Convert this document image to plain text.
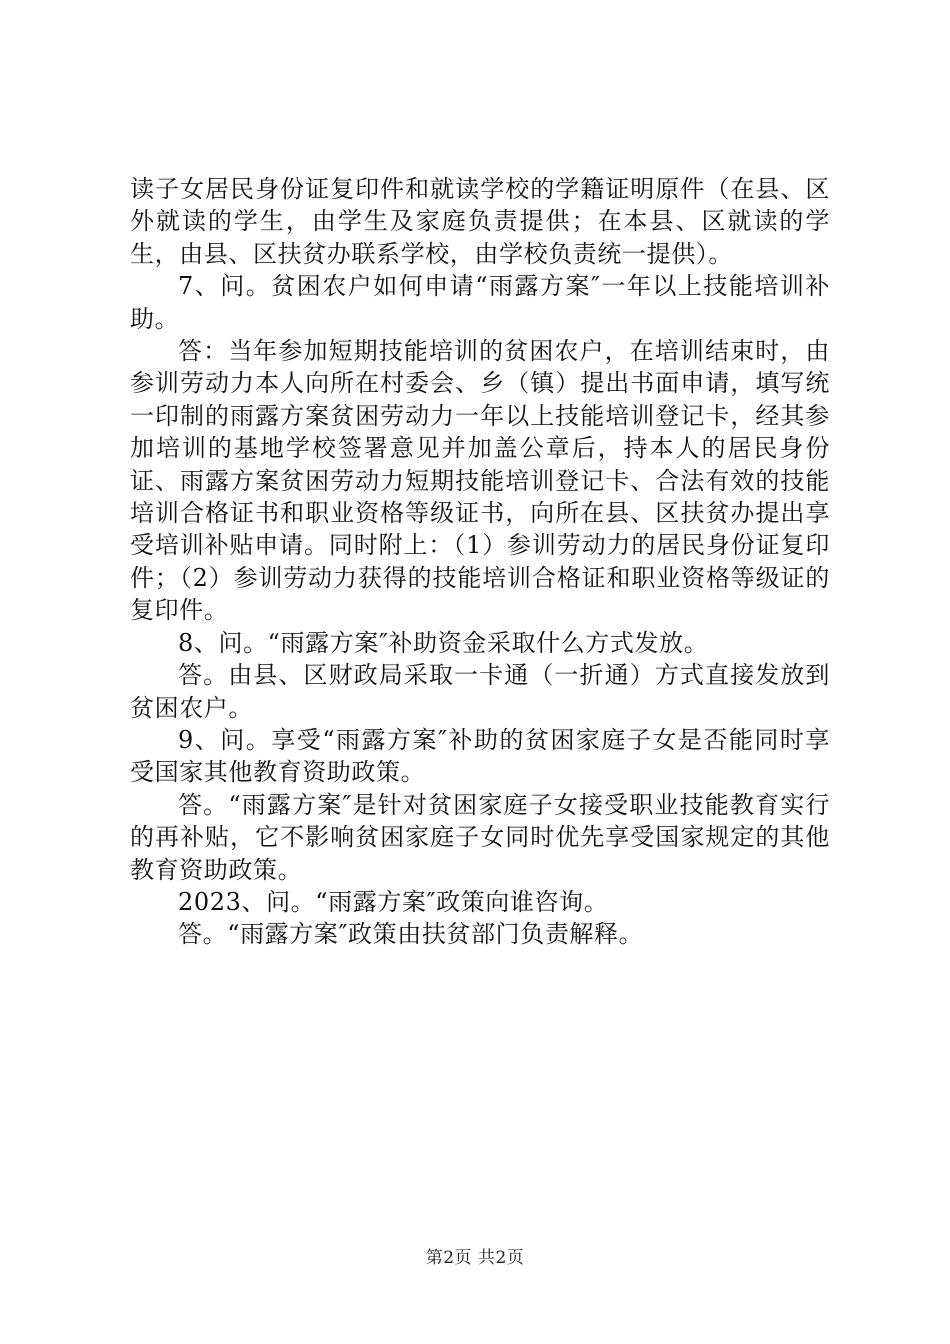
读子女居民身份证复印件和就读学校的学籍证明原件（在县、区外就读的学生，由学生及家庭负责提供；在本县、区就读的学生，由县、区扶贫办联系学校，由学校负责统一提供）。

7、问。贫困农户如何申请“雨露方案″一年以上技能培训补助。

答：当年参加短期技能培训的贫困农户，在培训结束时，由参训劳动力本人向所在村委会、乡（镇）提出书面申请，填写统一印制的雨露方案贫困劳动力一年以上技能培训登记卡，经其参加培训的基地学校签署意见并加盖公章后，持本人的居民身份证、雨露方案贫困劳动力短期技能培训登记卡、合法有效的技能培训合格证书和职业资格等级证书，向所在县、区扶贫办提出享受培训补贴申请。同时附上：（1）参训劳动力的居民身份证复印件；（2）参训劳动力获得的技能培训合格证和职业资格等级证的复印件。

8、问。“雨露方案″补助资金采取什么方式发放。

答。由县、区财政局采取一卡通（一折通）方式直接发放到贫困农户。

9、问。享受“雨露方案″补助的贫困家庭子女是否能同时享受国家其他教育资助政策。

答。“雨露方案″是针对贫困家庭子女接受职业技能教育实行的再补贴，它不影响贫困家庭子女同时优先享受国家规定的其他教育资助政策。

2023、问。“雨露方案″政策向谁咨询。

答。“雨露方案″政策由扶贫部门负责解释。

第2页 共2页
